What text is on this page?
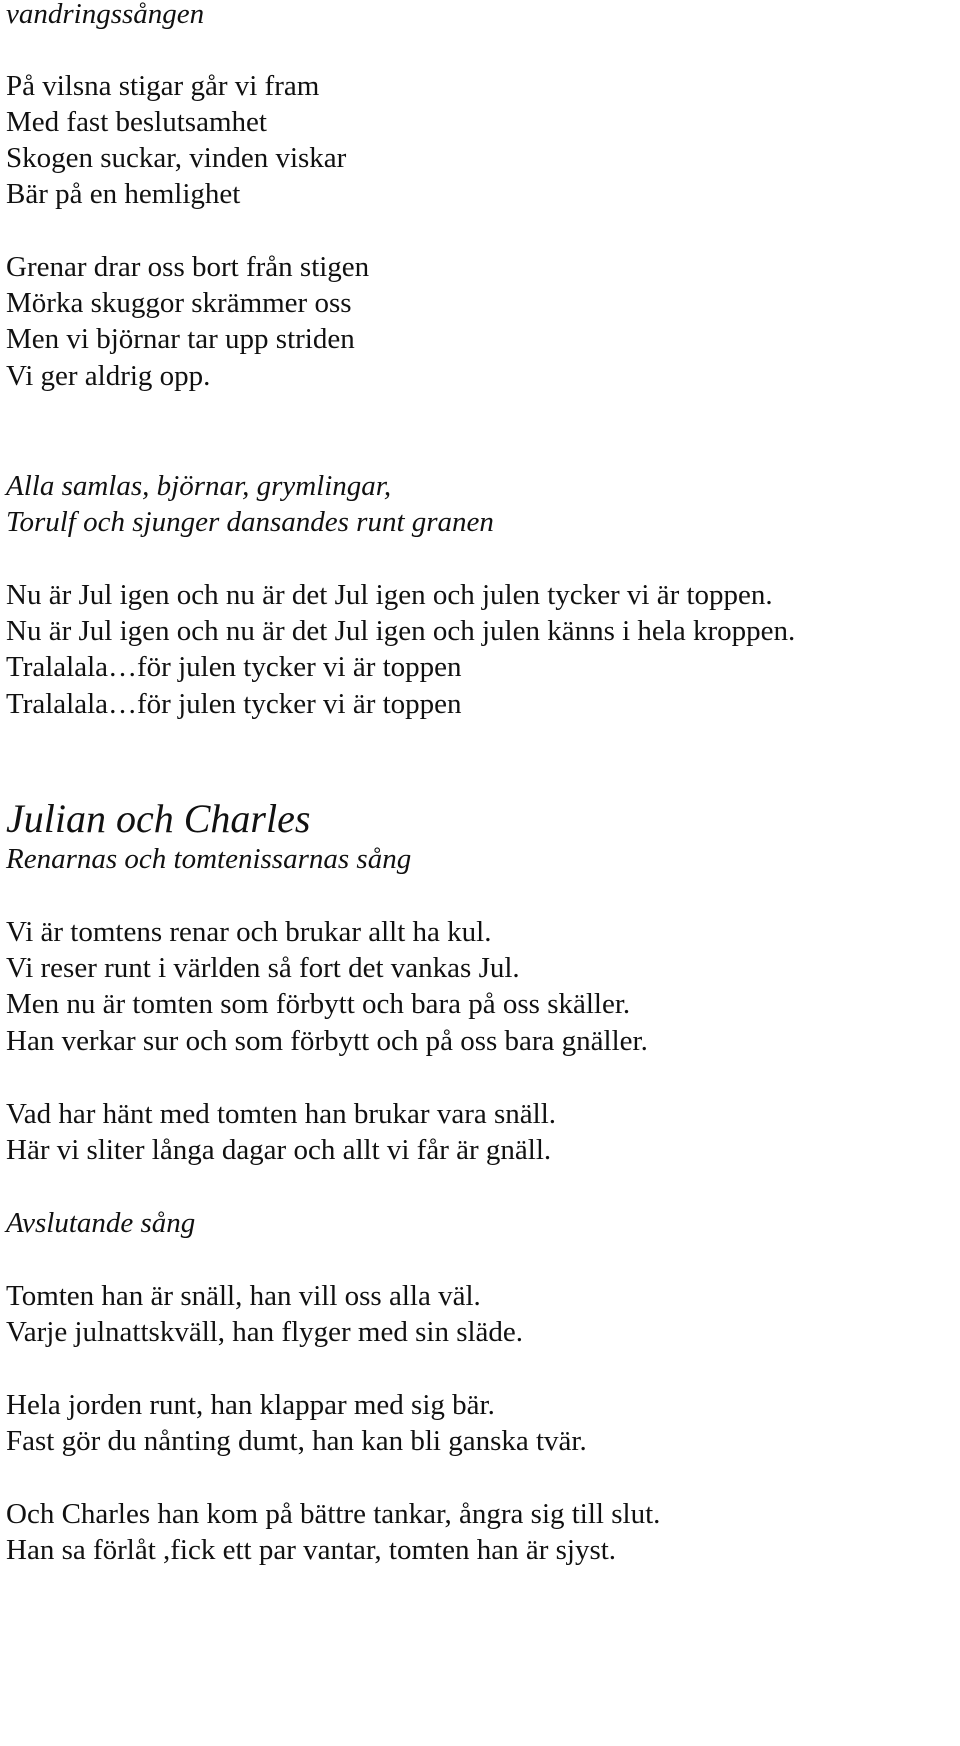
vandringssången

På vilsna stigar går vi fram

Med fast beslutsamhet

Skogen suckar, vinden viskar

Bär på en hemlighet

Grenar drar oss bort från stigen

Mörka skuggor skrämmer oss

Men vi björnar tar upp striden

Vi ger aldrig opp.

Alla samlas, björnar, grymlingar,

Torulf och sjunger dansandes runt granen

Nu är Jul igen och nu är det Jul igen och julen tycker vi är toppen.

Nu är Jul igen och nu är det Jul igen och julen känns i hela kroppen.

Tralalala…för julen tycker vi är toppen

Tralalala…för julen tycker vi är toppen

Julian och Charles

Renarnas och tomtenissarnas sång

Vi är tomtens renar och brukar allt ha kul.

Vi reser runt i världen så fort det vankas Jul.

Men nu är tomten som förbytt och bara på oss skäller.

Han verkar sur och som förbytt och på oss bara gnäller.

Vad har hänt med tomten han brukar vara snäll.

Här vi sliter långa dagar och allt vi får är gnäll.

Avslutande sång

Tomten han är snäll, han vill oss alla väl.

Varje julnattskväll, han flyger med sin släde.

Hela jorden runt, han klappar med sig bär.

Fast gör du nånting dumt, han kan bli ganska tvär.

Och Charles han kom på bättre tankar, ångra sig till slut.

Han sa förlåt ,fick ett par vantar, tomten han är sjyst.
